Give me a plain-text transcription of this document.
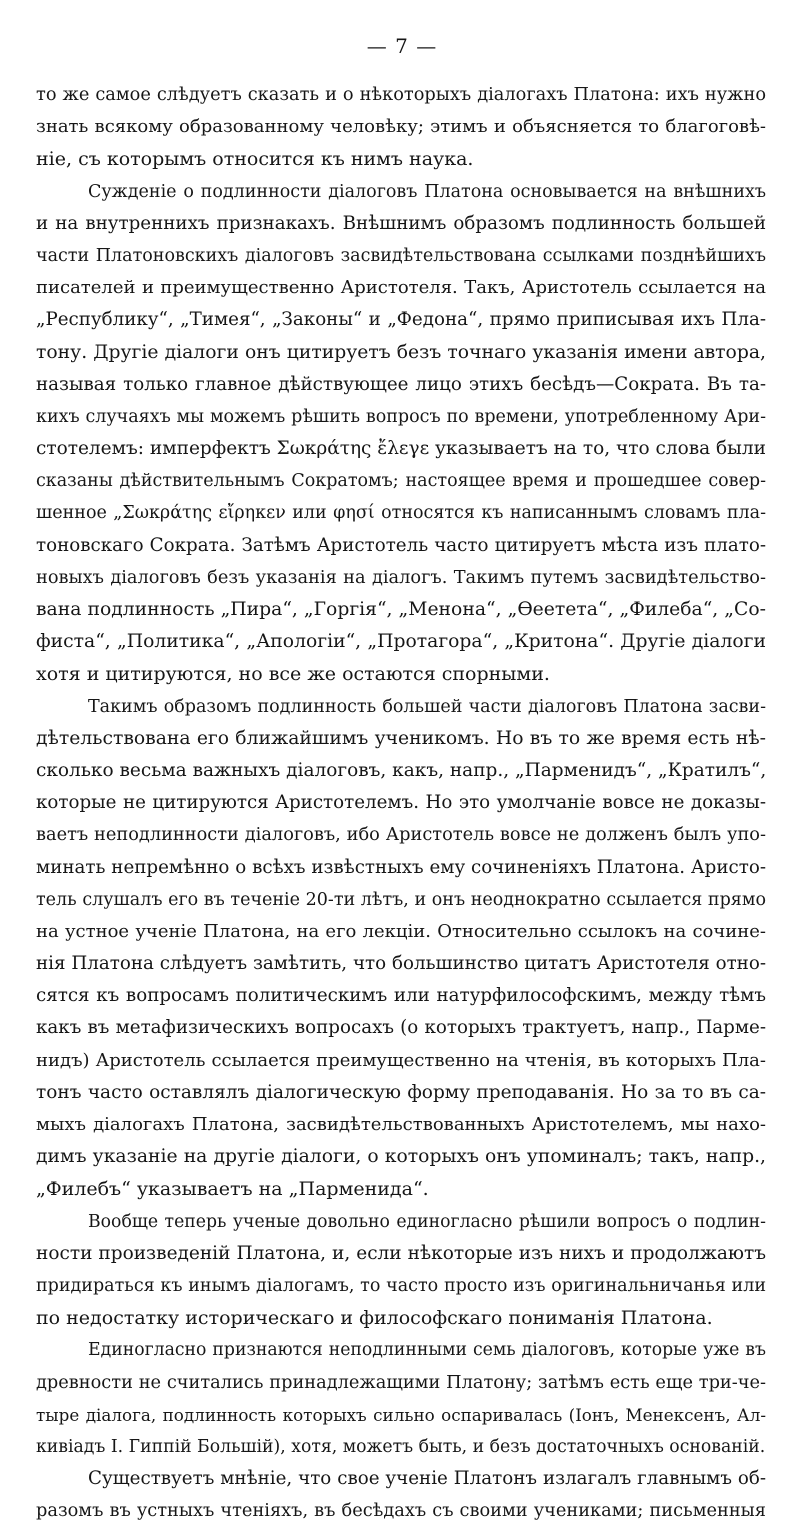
— 7 —
то же самое слѣдуетъ сказать и о нѣкоторыхъ діалогахъ Платона: ихъ нужно
знать всякому образованному человѣку; этимъ и объясняется то благоговѣ-
ніе, съ которымъ относится къ нимъ наука.
Сужденіе о подлинности діалоговъ Платона основывается на внѣшнихъ
и на внутреннихъ признакахъ. Внѣшнимъ образомъ подлинность большей
части Платоновскихъ діалоговъ засвидѣтельствована ссылками позднѣйшихъ
писателей и преимущественно Аристотеля. Такъ, Аристотель ссылается на
„Республику“, „Тимея“, „Законы“ и „Федона“, прямо приписывая ихъ Пла-
тону. Другіе діалоги онъ цитируетъ безъ точнаго указанія имени автора,
называя только главное дѣйствующее лицо этихъ бесѣдъ—Сократа. Въ та-
кихъ случаяхъ мы можемъ рѣшить вопросъ по времени, употребленному Ари-
стотелемъ: имперфектъ Σωκράτης ἔλεγε указываетъ на то, что слова были
сказаны дѣйствительнымъ Сократомъ; настоящее время и прошедшее совер-
шенное „Σωκράτης εἴρηκεν или φησί относятся къ написаннымъ словамъ пла-
тоновскаго Сократа. Затѣмъ Аристотель часто цитируетъ мѣста изъ плато-
новыхъ діалоговъ безъ указанія на діалогъ. Такимъ путемъ засвидѣтельство-
вана подлинность „Пира“, „Горгія“, „Менона“, „Өеетета“, „Филеба“, „Со-
фиста“, „Политика“, „Апологіи“, „Протагора“, „Критона“. Другіе діалоги
хотя и цитируются, но все же остаются спорными.
Такимъ образомъ подлинность большей части діалоговъ Платона засви-
дѣтельствована его ближайшимъ ученикомъ. Но въ то же время есть нѣ-
сколько весьма важныхъ діалоговъ, какъ, напр., „Парменидъ“, „Кратилъ“,
которые не цитируются Аристотелемъ. Но это умолчаніе вовсе не доказы-
ваетъ неподлинности діалоговъ, ибо Аристотель вовсе не долженъ былъ упо-
минать непремѣнно о всѣхъ извѣстныхъ ему сочиненіяхъ Платона. Аристо-
тель слушалъ его въ теченіе 20-ти лѣтъ, и онъ неоднократно ссылается прямо
на устное ученіе Платона, на его лекціи. Относительно ссылокъ на сочине-
нія Платона слѣдуетъ замѣтить, что большинство цитатъ Аристотеля отно-
сятся къ вопросамъ политическимъ или натурфилософскимъ, между тѣмъ
какъ въ метафизическихъ вопросахъ (о которыхъ трактуетъ, напр., Парме-
нидъ) Аристотель ссылается преимущественно на чтенія, въ которыхъ Пла-
тонъ часто оставлялъ діалогическую форму преподаванія. Но за то въ са-
мыхъ діалогахъ Платона, засвидѣтельствованныхъ Аристотелемъ, мы нахо-
димъ указаніе на другіе діалоги, о которыхъ онъ упоминалъ; такъ, напр.,
„Филебъ“ указываетъ на „Парменида“.
Вообще теперь ученые довольно единогласно рѣшили вопросъ о подлин-
ности произведеній Платона, и, если нѣкоторые изъ нихъ и продолжаютъ
придираться къ инымъ діалогамъ, то часто просто изъ оригинальничанья или
по недостатку историческаго и философскаго пониманія Платона.
Единогласно признаются неподлинными семь діалоговъ, которые уже въ
древности не считались принадлежащими Платону; затѣмъ есть еще три-че-
тыре діалога, подлинность которыхъ сильно оспаривалась (Іонъ, Менексенъ, Ал-
кивіадъ I. Гиппій Большій), хотя, можетъ быть, и безъ достаточныхъ основаній.
Существуетъ мнѣніе, что свое ученіе Платонъ излагалъ главнымъ об-
разомъ въ устныхъ чтеніяхъ, въ бесѣдахъ съ своими учениками; письменныя
